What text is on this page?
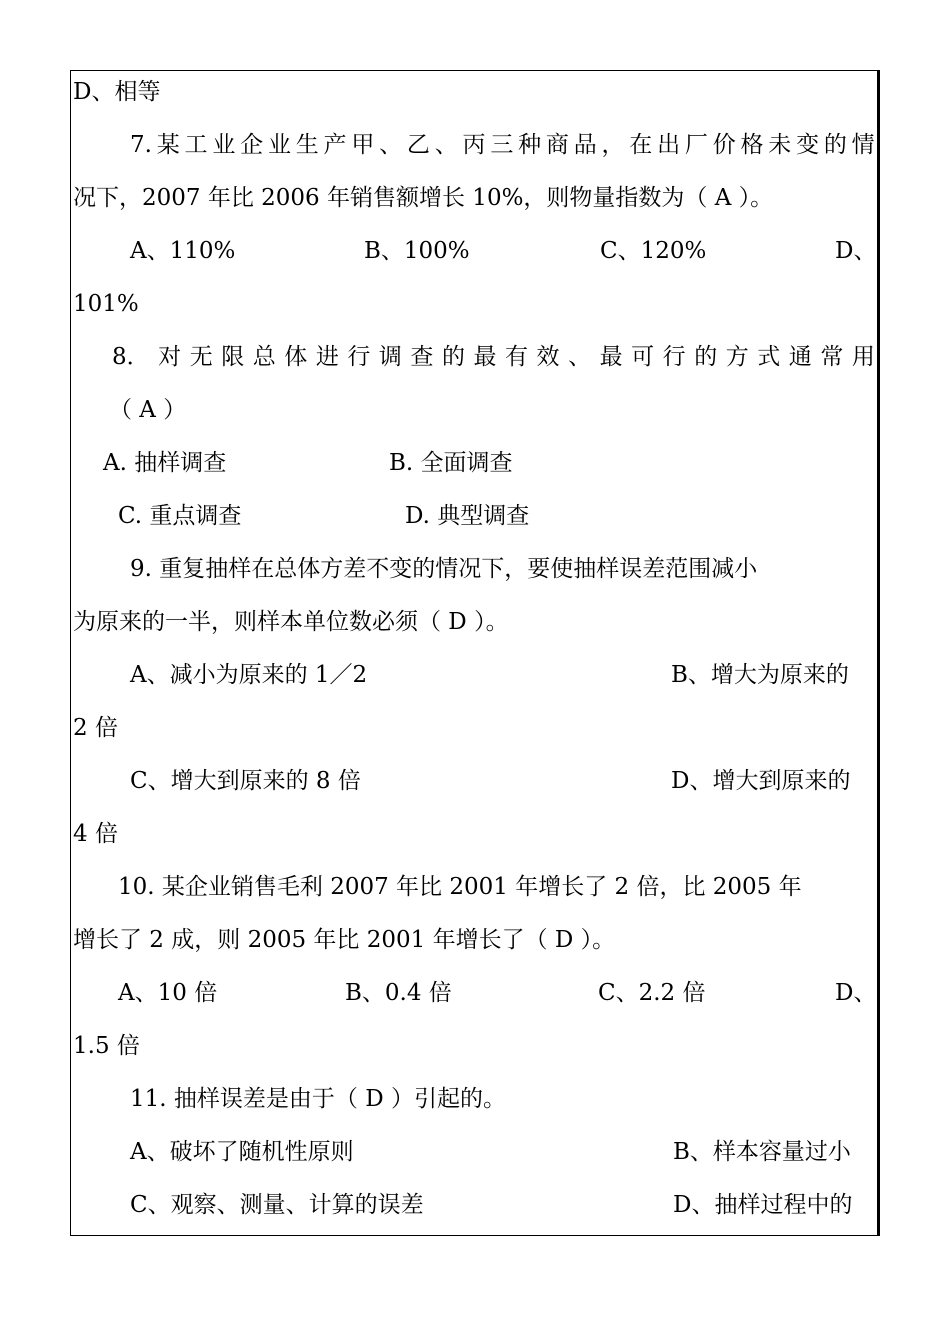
D、相等
7. 某 工 业 企 业 生 产 甲 、 乙 、 丙 三 种 商 品 ， 在 出 厂 价 格 未 变 的 情
况下，2007 年比 2006 年销售额增长 10%，则物量指数为（ A ）。
A、110%	B、100%	C、120%	D、
101%
8． 对 无 限 总 体 进 行 调 查 的 最 有 效 、 最 可 行 的 方 式 通 常 用
（ A ）
A. 抽样调查	B. 全面调查
C. 重点调查	D. 典型调查
9. 重复抽样在总体方差不变的情况下，要使抽样误差范围减小
为原来的一半，则样本单位数必须（ D ）。
A、减小为原来的 1／2	B、增大为原来的
2 倍
C、增大到原来的 8 倍	D、增大到原来的
4 倍
10. 某企业销售毛利 2007 年比 2001 年增长了 2 倍，比 2005 年
增长了 2 成，则 2005 年比 2001 年增长了（ D ）。
A、10 倍	B、0.4 倍	C、2.2 倍	D、
1.5 倍
11. 抽样误差是由于（ D ）引起的。
A、破坏了随机性原则	B、样本容量过小
C、观察、测量、计算的误差	D、抽样过程中的
